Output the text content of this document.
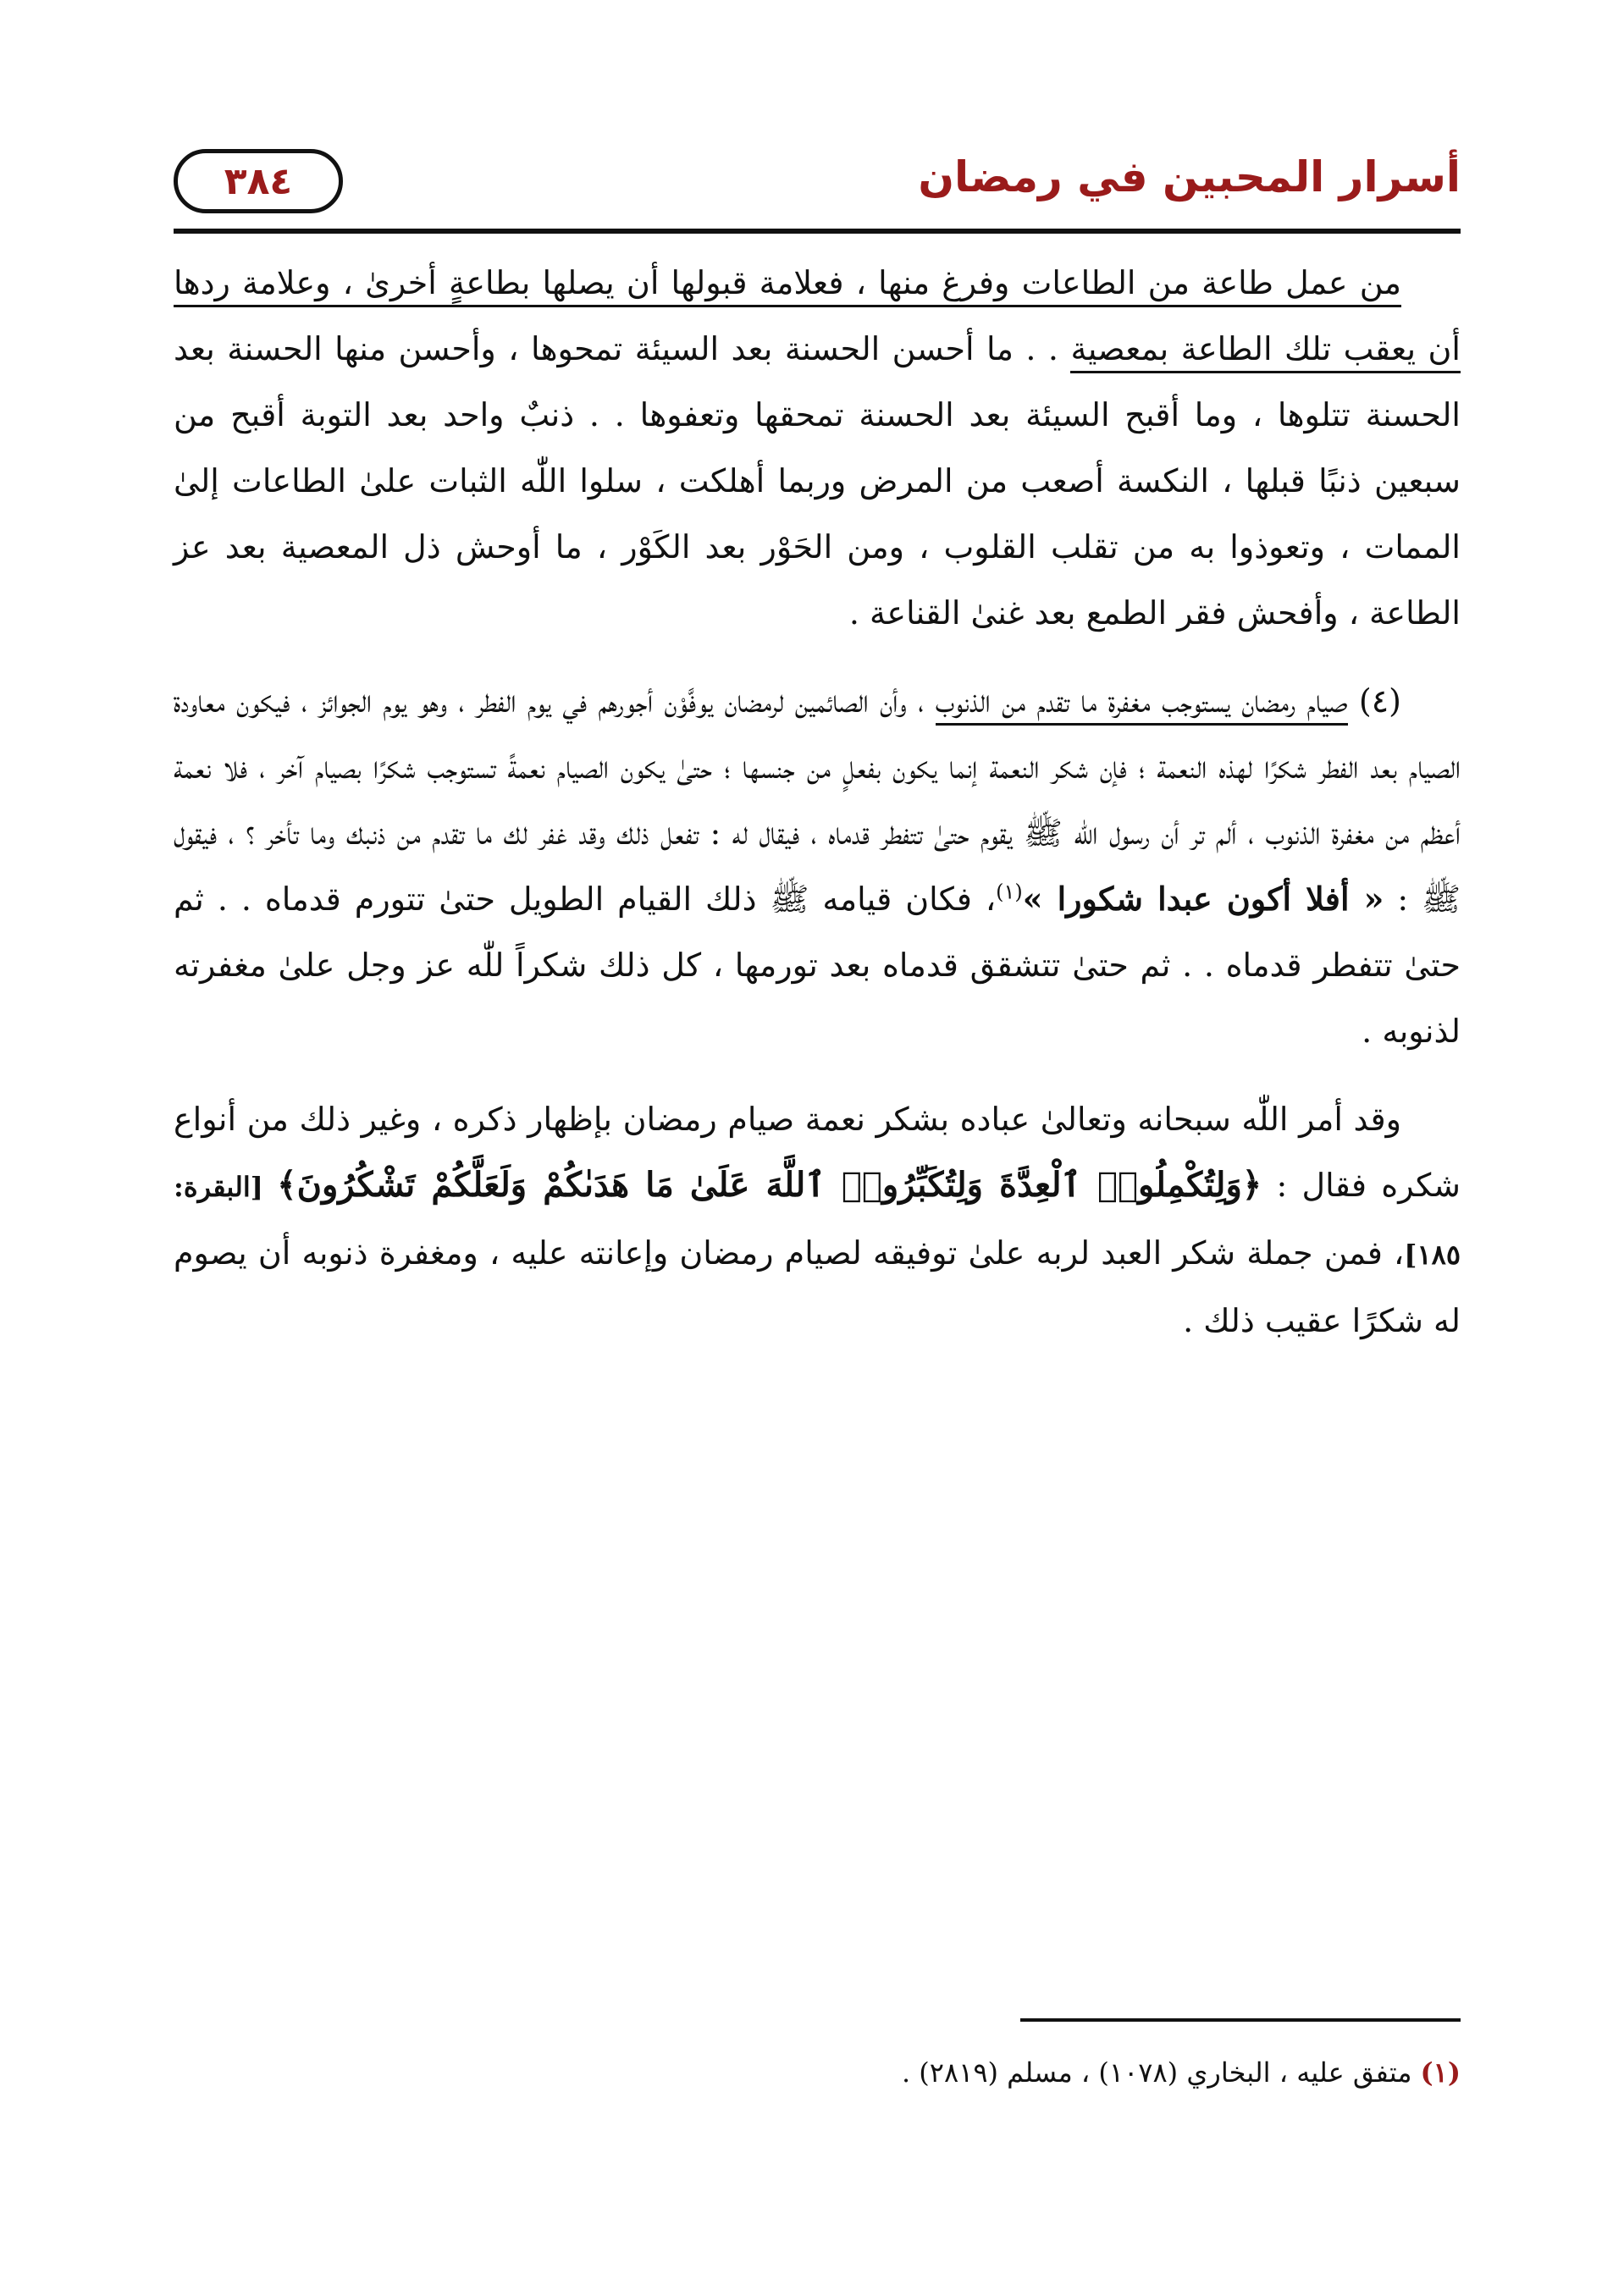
أسرار المحبين في رمضان
٣٨٤

من عمل طاعة من الطاعات وفرغ منها ، فعلامة قبولها أن يصلها بطاعةٍ أخرىٰ ، وعلامة ردها أن يعقب تلك الطاعة بمعصية . . ما أحسن الحسنة بعد السيئة تمحوها ، وأحسن منها الحسنة بعد الحسنة تتلوها ، وما أقبح السيئة بعد الحسنة تمحقها وتعفوها . . ذنبٌ واحد بعد التوبة أقبح من سبعين ذنبًا قبلها ، النكسة أصعب من المرض وربما أهلكت ، سلوا اللّٰه الثبات علىٰ الطاعات إلىٰ الممات ، وتعوذوا به من تقلب القلوب ، ومن الحَوْر بعد الكَوْر ، ما أوحش ذل المعصية بعد عز الطاعة ، وأفحش فقر الطمع بعد غنىٰ القناعة .

(٤) صيام رمضان يستوجب مغفرة ما تقدم من الذنوب ، وأن الصائمين لرمضان يوفَّوْن أجورهم في يوم الفطر ، وهو يوم الجوائز ، فيكون معاودة الصيام بعد الفطر شكرًا لهذه النعمة ؛ فإن شكر النعمة إنما يكون بفعلٍ من جنسها ؛ حتىٰ يكون الصيام نعمةً تستوجب شكرًا بصيام آخر ، فلا نعمة أعظم من مغفرة الذنوب ، ألم تر أن رسول اللّٰه ﷺ يقوم حتىٰ تتفطر قدماه ، فيقال له : تفعل ذلك وقد غفر لك ما تقدم من ذنبك وما تأخر ؟ ، فيقول ﷺ : « أفلا أكون عبدا شكورا »$^{(١)}$، فكان قيامه ﷺ ذلك القيام الطويل حتىٰ تتورم قدماه . . ثم حتىٰ تتفطر قدماه . . ثم حتىٰ تتشقق قدماه بعد تورمها ، كل ذلك شكراً للّٰه عز وجل علىٰ مغفرته لذنوبه .

وقد أمر اللّٰه سبحانه وتعالىٰ عباده بشكر نعمة صيام رمضان بإظهار ذكره ، وغير ذلك من أنواع شكره فقال : ﴿وَلِتُكْمِلُوا۟ ٱلْعِدَّةَ وَلِتُكَبِّرُوا۟ ٱللَّهَ عَلَىٰ مَا هَدَىٰكُمْ وَلَعَلَّكُمْ تَشْكُرُونَ﴾ [البقرة: ١٨٥]، فمن جملة شكر العبد لربه علىٰ توفيقه لصيام رمضان وإعانته عليه ، ومغفرة ذنوبه أن يصوم له شكرًا عقيب ذلك .

(١)متفق عليه ، البخاري (١٠٧٨) ، مسلم (٢٨١٩) .
